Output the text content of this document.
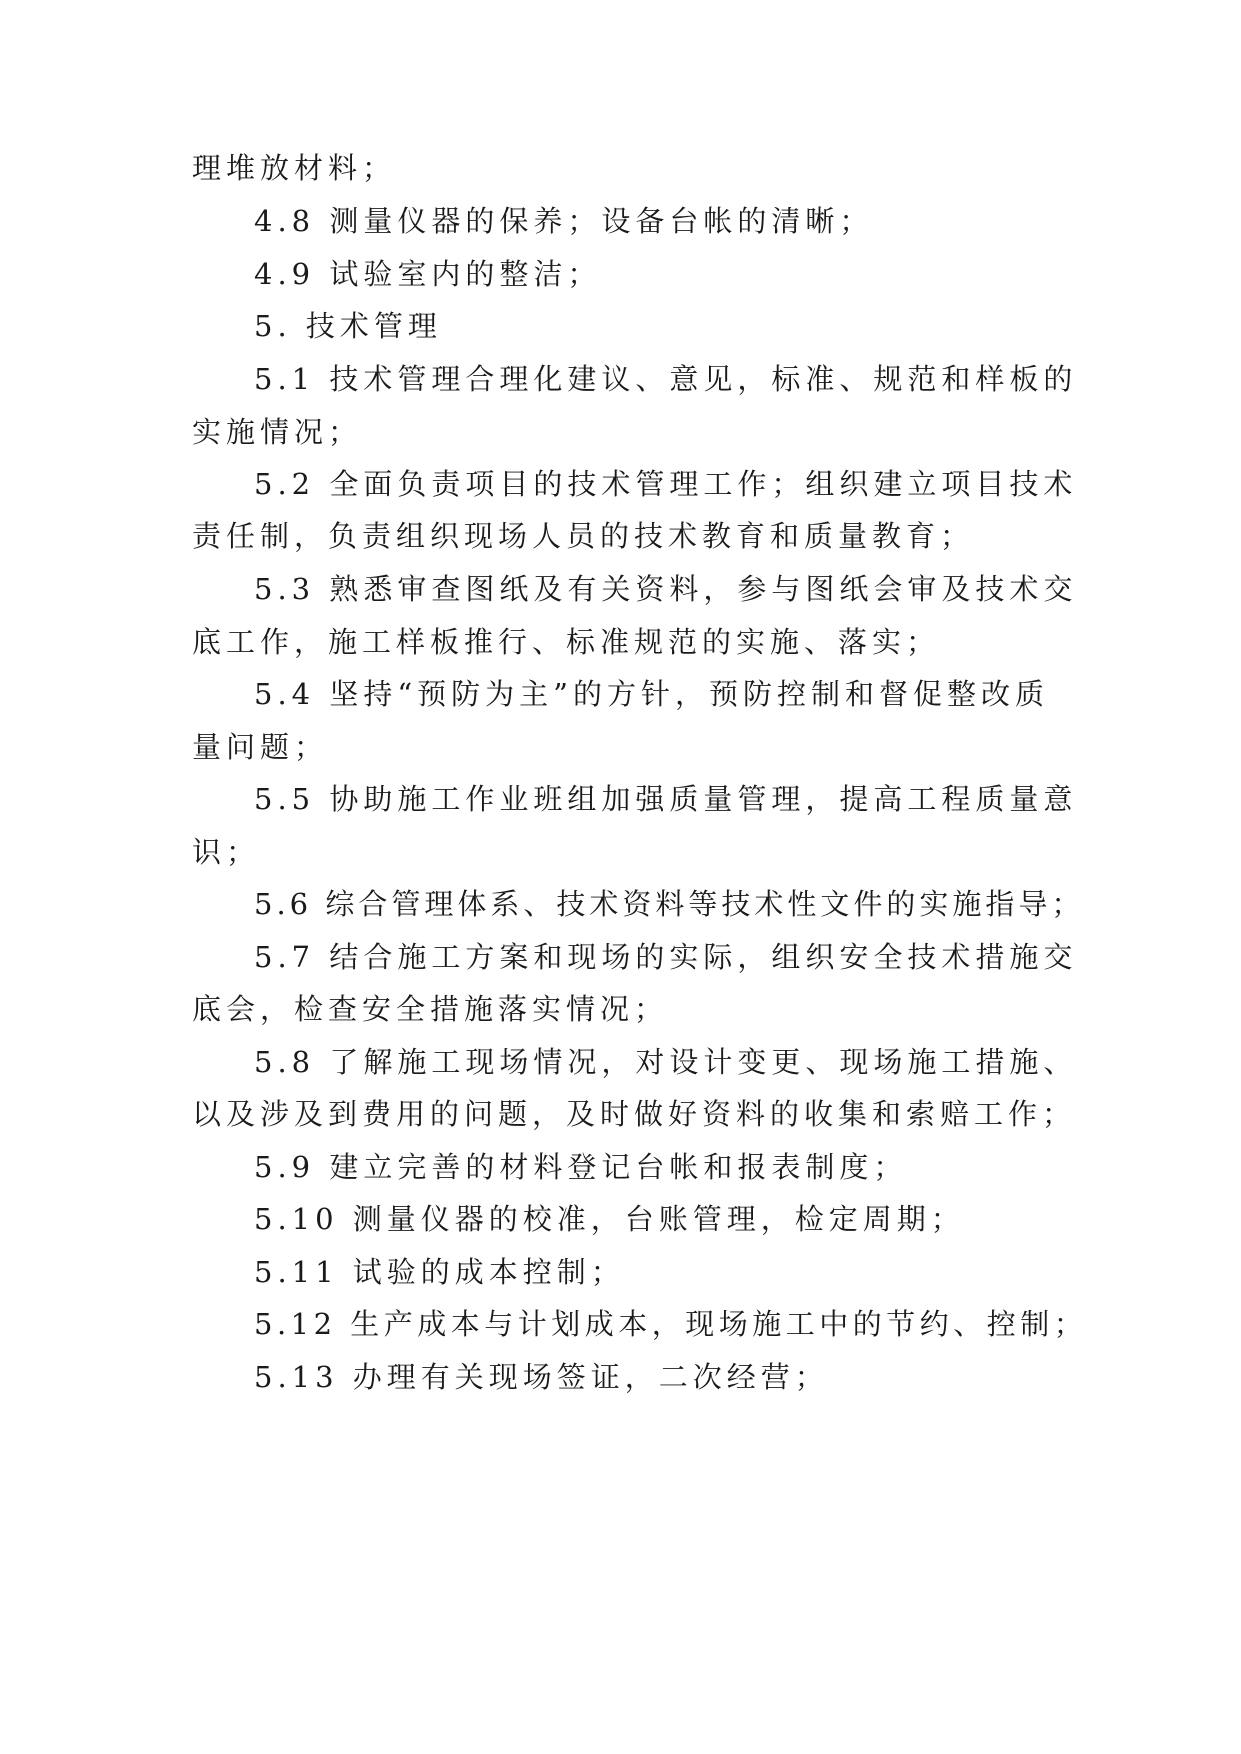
理堆放材料；
4.8 测量仪器的保养；设备台帐的清晰；
4.9 试验室内的整洁；
5. 技术管理
5.1 技术管理合理化建议、意见，标准、规范和样板的
实施情况；
5.2 全面负责项目的技术管理工作；组织建立项目技术
责任制，负责组织现场人员的技术教育和质量教育；
5.3 熟悉审查图纸及有关资料，参与图纸会审及技术交
底工作，施工样板推行、标准规范的实施、落实；
5.4 坚持“预防为主”的方针，预防控制和督促整改质
量问题；
5.5 协助施工作业班组加强质量管理，提高工程质量意
识；
5.6 综合管理体系、技术资料等技术性文件的实施指导；
5.7 结合施工方案和现场的实际，组织安全技术措施交
底会，检查安全措施落实情况；
5.8 了解施工现场情况，对设计变更、现场施工措施、
以及涉及到费用的问题，及时做好资料的收集和索赔工作；
5.9 建立完善的材料登记台帐和报表制度；
5.10 测量仪器的校准，台账管理，检定周期；
5.11 试验的成本控制；
5.12 生产成本与计划成本，现场施工中的节约、控制；
5.13 办理有关现场签证，二次经营；
